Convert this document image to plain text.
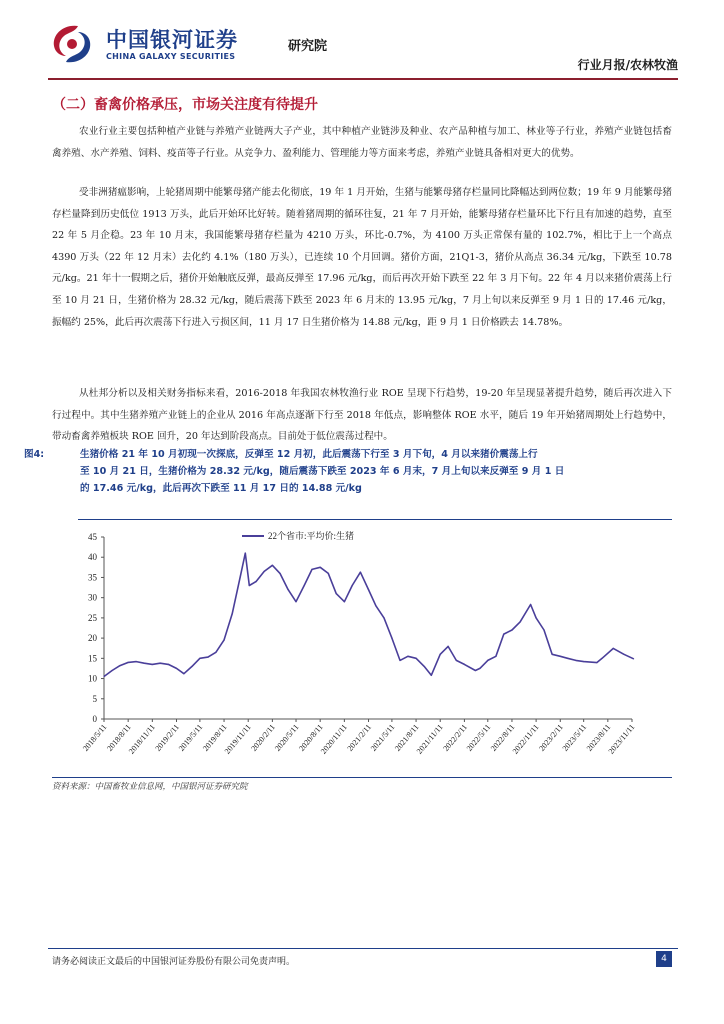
中国银河证券
CHINA GALAXY SECURITIES
研究院
行业月报/农林牧渔
（二）畜禽价格承压，市场关注度有待提升

农业行业主要包括种植产业链与养殖产业链两大子产业，其中种植产业链涉及种业、农产品种植与加工、林业等子行业，养殖产业链包括畜禽养殖、水产养殖、饲料、疫苗等子行业。从竞争力、盈利能力、管理能力等方面来考虑，养殖产业链具备相对更大的优势。

受非洲猪瘟影响，上轮猪周期中能繁母猪产能去化彻底，19 年 1 月开始，生猪与能繁母猪存栏量同比降幅达到两位数；19 年 9 月能繁母猪存栏量降到历史低位 1913 万头，此后开始环比好转。随着猪周期的循环往复，21 年 7 月开始，能繁母猪存栏量环比下行且有加速的趋势，直至 22 年 5 月企稳。23 年 10 月末，我国能繁母猪存栏量为 4210 万头，环比-0.7%，为 4100 万头正常保有量的 102.7%，相比于上一个高点 4390 万头（22 年 12 月末）去化约 4.1%（180 万头），已连续 10 个月回调。猪价方面，21Q1-3，猪价从高点 36.34 元/kg，下跌至 10.78 元/kg。21 年十一假期之后，猪价开始触底反弹，最高反弹至 17.96 元/kg，而后再次开始下跌至 22 年 3 月下旬。22 年 4 月以来猪价震荡上行至 10 月 21 日，生猪价格为 28.32 元/kg，随后震荡下跌至 2023 年 6 月末的 13.95 元/kg，7 月上旬以来反弹至 9 月 1 日的 17.46 元/kg，振幅约 25%，此后再次震荡下行进入亏损区间，11 月 17 日生猪价格为 14.88 元/kg，距 9 月 1 日价格跌去 14.78%。

从杜邦分析以及相关财务指标来看，2016-2018 年我国农林牧渔行业 ROE 呈现下行趋势，19-20 年呈现显著提升趋势，随后再次进入下行过程中。其中生猪养殖产业链上的企业从 2016 年高点逐渐下行至 2018 年低点，影响整体 ROE 水平，随后 19 年开始猪周期处上行趋势中，带动畜禽养殖板块 ROE 回升，20 年达到阶段高点。目前处于低位震荡过程中。

图4:	生猪价格 21 年 10 月初现一次探底，反弹至 12 月初，此后震荡下行至 3 月下旬，4 月以来猪价震荡上行
至 10 月 21 日，生猪价格为 28.32 元/kg，随后震荡下跌至 2023 年 6 月末，7 月上旬以来反弹至 9 月 1 日
的 17.46 元/kg，此后再次下跌至 11 月 17 日的 14.88 元/kg
0
5
10
15
20
25
30
35
40
45
2018/5/11
2018/8/11
2018/11/11
2019/2/11
2019/5/11
2019/8/11
2019/11/11
2020/2/11
2020/5/11
2020/8/11
2020/11/11
2021/2/11
2021/5/11
2021/8/11
2021/11/11
2022/2/11
2022/5/11
2022/8/11
2022/11/11
2023/2/11
2023/5/11
2023/8/11
2023/11/11
22个省市:平均价:生猪
资料来源：中国畜牧业信息网，中国银河证券研究院
请务必阅读正文最后的中国银河证券股份有限公司免责声明。	4
